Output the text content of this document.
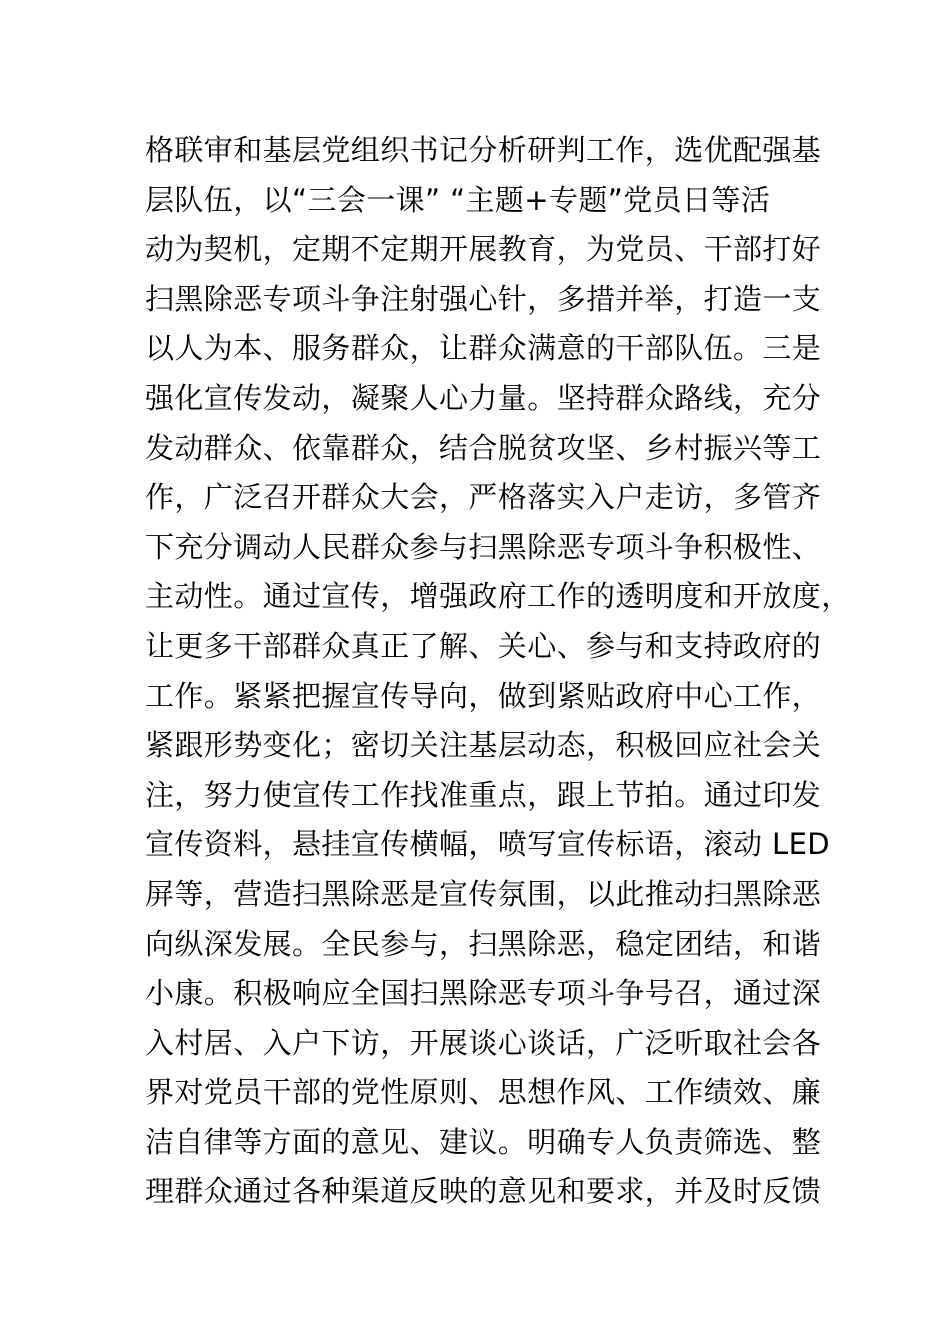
格联审和基层党组织书记分析研判工作，选优配强基
层队伍，以“三会一课” “主题+专题”党员日等活
动为契机，定期不定期开展教育，为党员、干部打好
扫黑除恶专项斗争注射强心针，多措并举，打造一支
以人为本、服务群众，让群众满意的干部队伍。三是
强化宣传发动，凝聚人心力量。坚持群众路线，充分
发动群众、依靠群众，结合脱贫攻坚、乡村振兴等工
作，广泛召开群众大会，严格落实入户走访，多管齐
下充分调动人民群众参与扫黑除恶专项斗争积极性、
主动性。通过宣传，增强政府工作的透明度和开放度，
让更多干部群众真正了解、关心、参与和支持政府的
工作。紧紧把握宣传导向，做到紧贴政府中心工作，
紧跟形势变化；密切关注基层动态，积极回应社会关
注，努力使宣传工作找准重点，跟上节拍。通过印发
宣传资料，悬挂宣传横幅，喷写宣传标语，滚动 LED
屏等，营造扫黑除恶是宣传氛围，以此推动扫黑除恶
向纵深发展。全民参与，扫黑除恶，稳定团结，和谐
小康。积极响应全国扫黑除恶专项斗争号召，通过深
入村居、入户下访，开展谈心谈话，广泛听取社会各
界对党员干部的党性原则、思想作风、工作绩效、廉
洁自律等方面的意见、建议。明确专人负责筛选、整
理群众通过各种渠道反映的意见和要求，并及时反馈
